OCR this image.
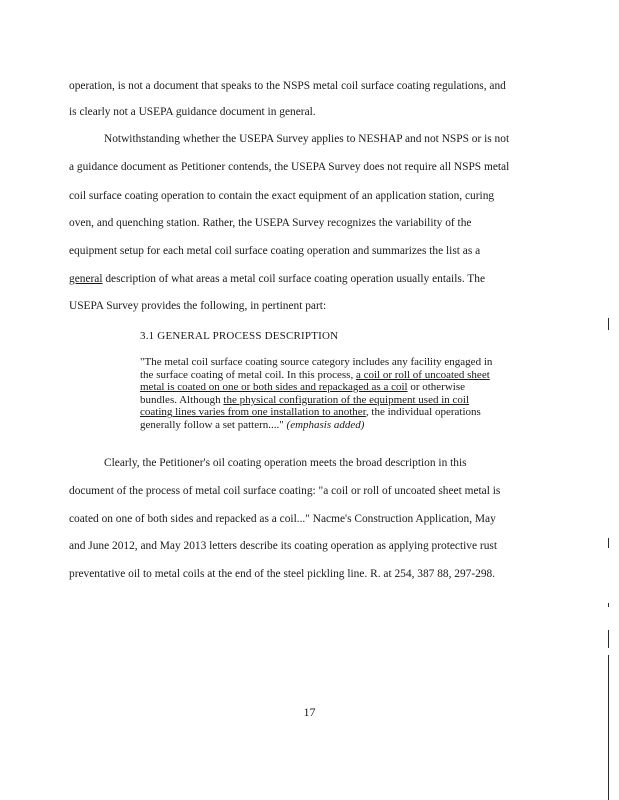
operation, is not a document that speaks to the NSPS metal coil surface coating regulations, and
is clearly not a USEPA guidance document in general.
Notwithstanding whether the USEPA Survey applies to NESHAP and not NSPS or is not
a guidance document as Petitioner contends, the USEPA Survey does not require all NSPS metal
coil surface coating operation to contain the exact equipment of an application station, curing
oven, and quenching station. Rather, the USEPA Survey recognizes the variability of the
equipment setup for each metal coil surface coating operation and summarizes the list as a
general description of what areas a metal coil surface coating operation usually entails. The
USEPA Survey provides the following, in pertinent part:
3.1 GENERAL PROCESS DESCRIPTION

"The metal coil surface coating source category includes any facility engaged in

the surface coating of metal coil. In this process, a coil or roll of uncoated sheet

metal is coated on one or both sides and repackaged as a coil or otherwise

bundles. Although the physical configuration of the equipment used in coil

coating lines varies from one installation to another, the individual operations

generally follow a set pattern...." (emphasis added)

Clearly, the Petitioner's oil coating operation meets the broad description in this
document of the process of metal coil surface coating: "a coil or roll of uncoated sheet metal is
coated on one of both sides and repacked as a coil..." Nacme's Construction Application, May
and June 2012, and May 2013 letters describe its coating operation as applying protective rust
preventative oil to metal coils at the end of the steel pickling line. R. at 254, 387 88, 297-298.
17
